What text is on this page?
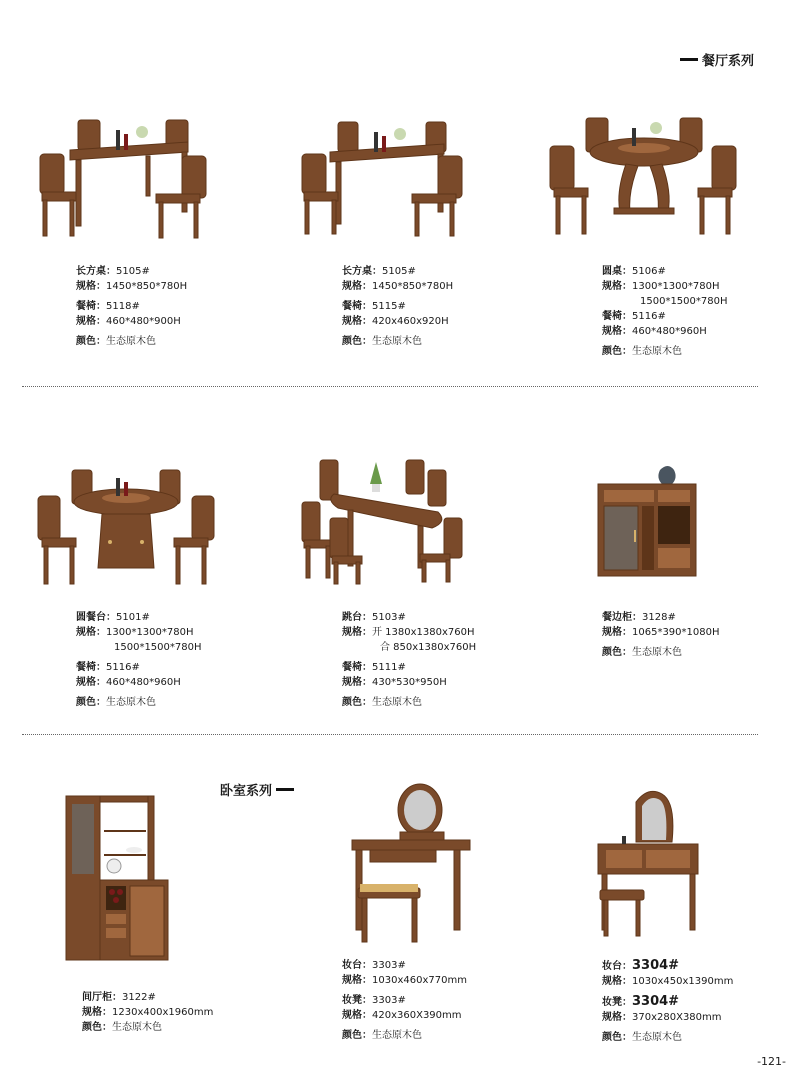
餐厅系列
卧室系列
长方桌： 5105#
规格： 1450*850*780H
餐椅： 5118#
规格： 460*480*900H
颜色： 生态原木色
长方桌： 5105#
规格： 1450*850*780H
餐椅： 5115#
规格： 420x460x920H
颜色： 生态原木色
圆桌： 5106#
规格： 1300*1300*780H
1500*1500*780H
餐椅： 5116#
规格： 460*480*960H
颜色： 生态原木色
圆餐台： 5101#
规格： 1300*1300*780H
1500*1500*780H
餐椅： 5116#
规格： 460*480*960H
颜色： 生态原木色
跳台： 5103#
规格： 开 1380x1380x760H
合 850x1380x760H
餐椅： 5111#
规格： 430*530*950H
颜色： 生态原木色
餐边柜： 3128#
规格： 1065*390*1080H
颜色： 生态原木色
间厅柜： 3122#
规格： 1230x400x1960mm
颜色： 生态原木色
妆台： 3303#
规格： 1030x460x770mm
妆凳： 3303#
规格： 420x360X390mm
颜色： 生态原木色
妆台： 3304#
规格： 1030x450x1390mm
妆凳： 3304#
规格： 370x280X380mm
颜色： 生态原木色
-121-
